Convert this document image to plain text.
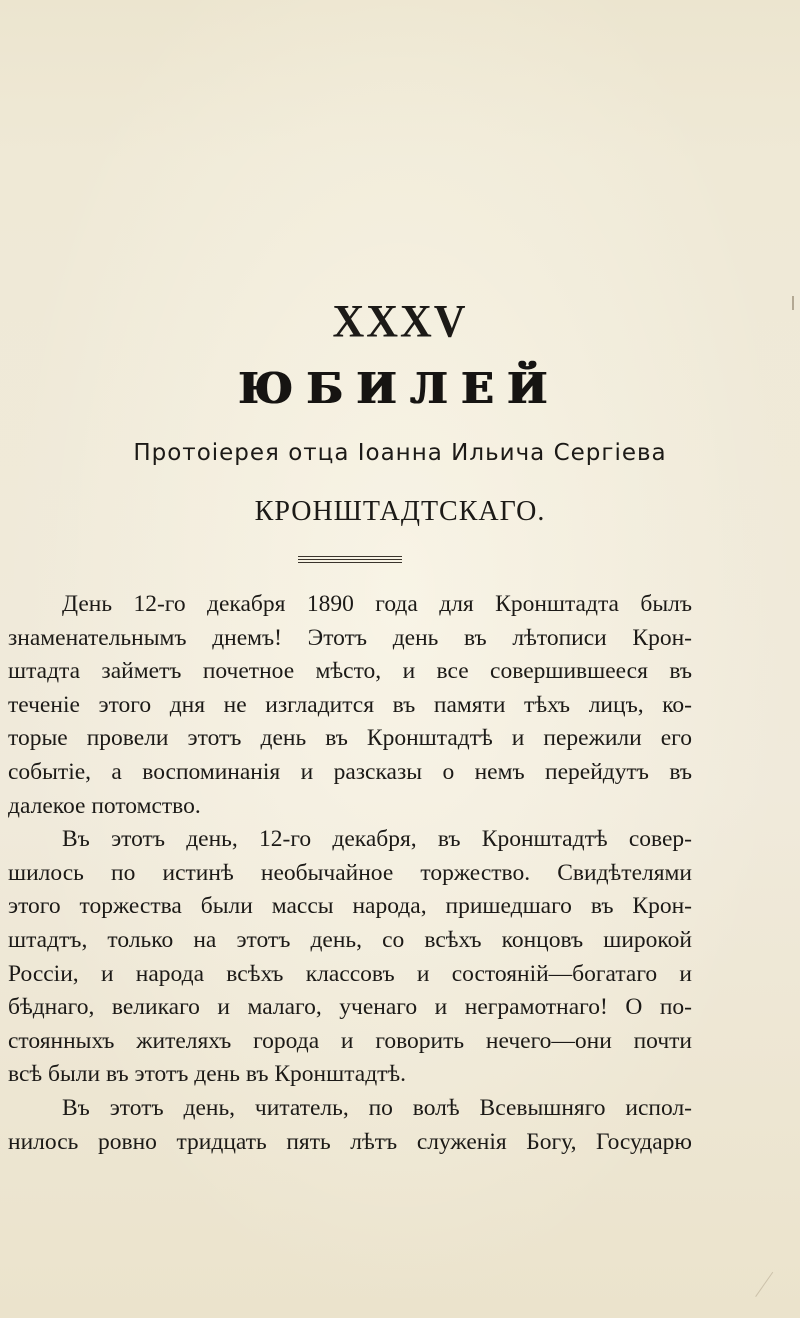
XXXV
ЮБИЛЕЙ
Протоіерея отца Іоанна Ильича Сергіева
КРОНШТАДТСКАГО.
День 12-го декабря 1890 года для Кронштадта былъ
знаменательнымъ днемъ! Этотъ день въ лѣтописи Крон-
штадта займетъ почетное мѣсто, и все совершившееся въ
теченіе этого дня не изгладится въ памяти тѣхъ лицъ, ко-
торые провели этотъ день въ Кронштадтѣ и пережили его
событіе, а воспоминанія и разсказы о немъ перейдутъ въ
далекое потомство.
Въ этотъ день, 12-го декабря, въ Кронштадтѣ совер-
шилось по истинѣ необычайное торжество. Свидѣтелями
этого торжества были массы народа, пришедшаго въ Крон-
штадтъ, только на этотъ день, со всѣхъ концовъ широкой
Россіи, и народа всѣхъ классовъ и состояній—богатаго и
бѣднаго, великаго и малаго, ученаго и неграмотнаго! О по-
стоянныхъ жителяхъ города и говорить нечего—они почти
всѣ были въ этотъ день въ Кронштадтѣ.
Въ этотъ день, читатель, по волѣ Всевышняго испол-
нилось ровно тридцать пять лѣтъ служенія Богу, Государю
